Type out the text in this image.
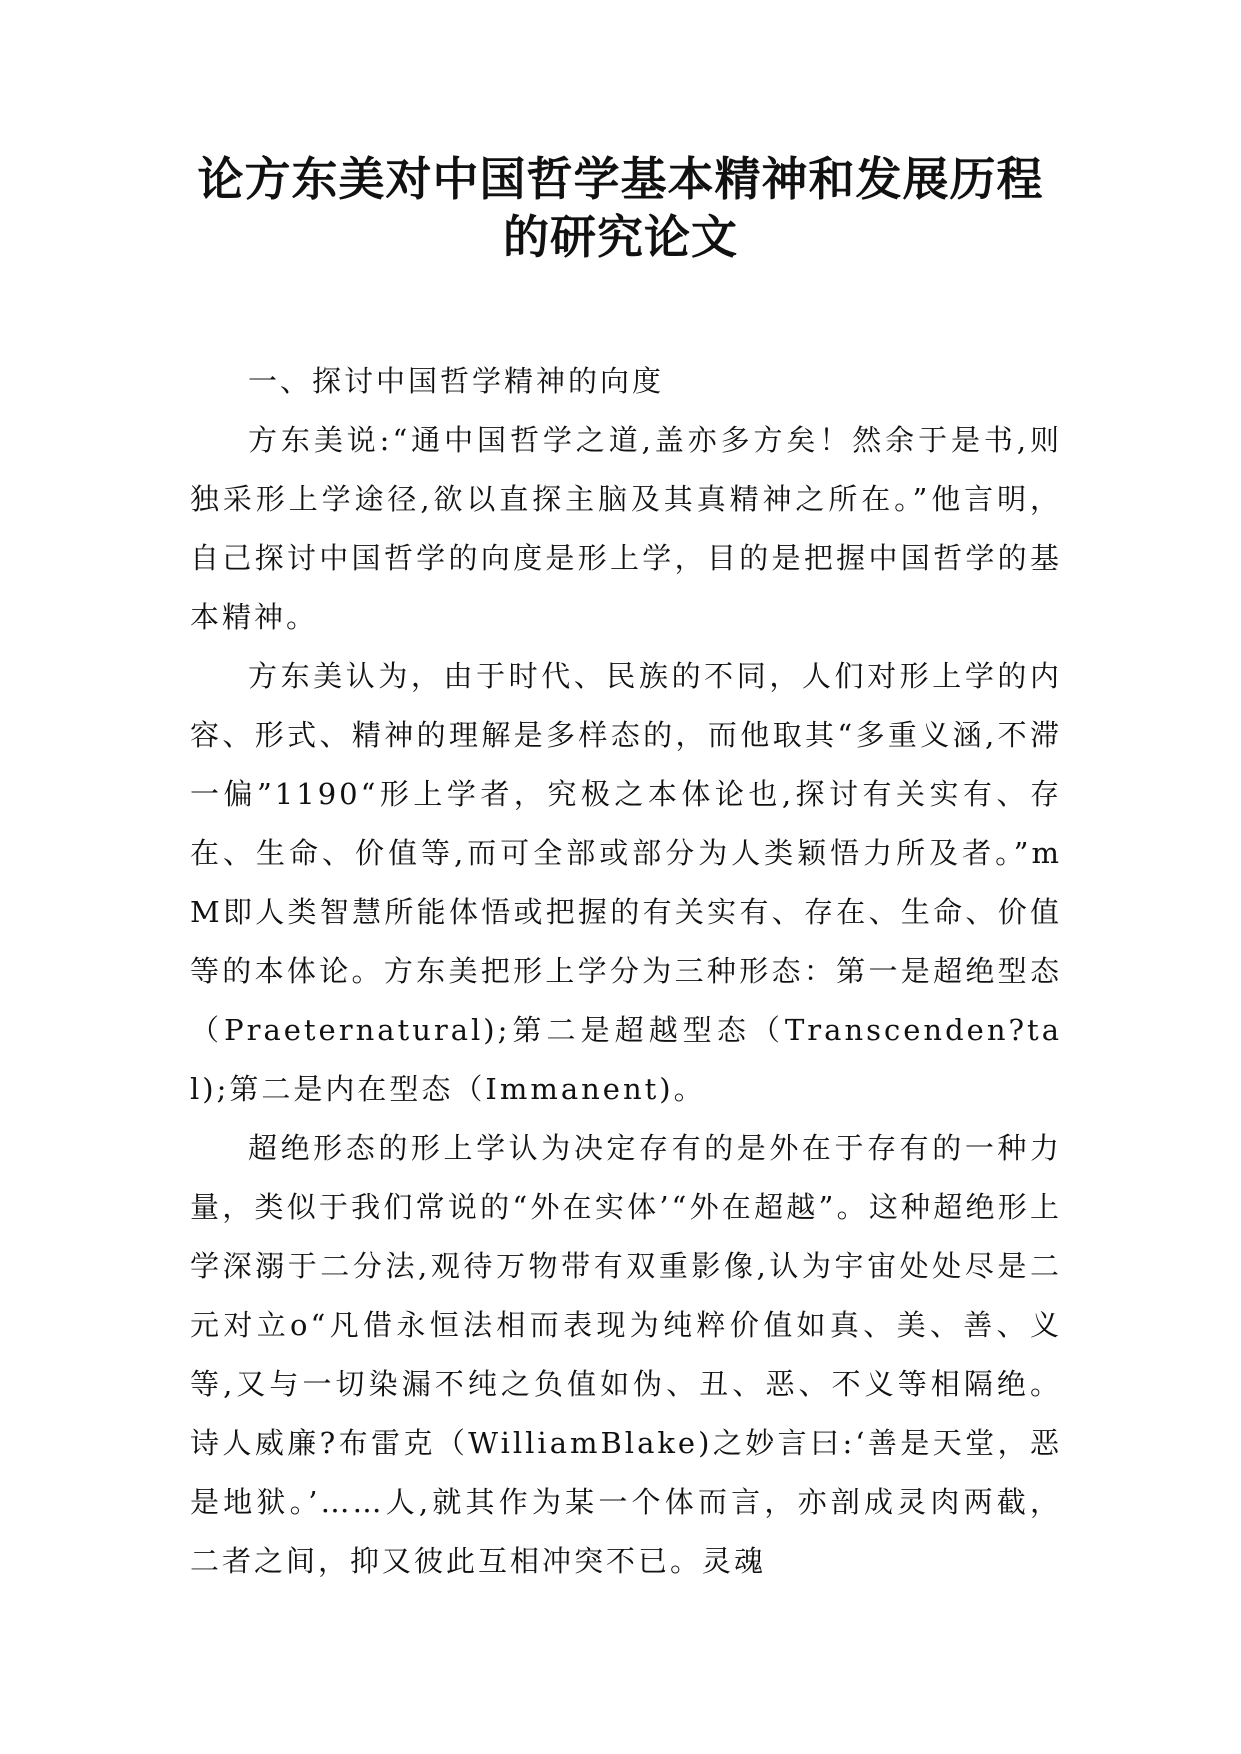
论方东美对中国哲学基本精神和发展历程
的研究论文

一、探讨中国哲学精神的向度

方东美说:“通中国哲学之道,盖亦多方矣！然余于是书,则独采形上学途径,欲以直探主脑及其真精神之所在。”他言明，自己探讨中国哲学的向度是形上学，目的是把握中国哲学的基本精神。

方东美认为，由于时代、民族的不同，人们对形上学的内容、形式、精神的理解是多样态的，而他取其“多重义涵,不滞一偏”1190“形上学者，究极之本体论也,探讨有关实有、存在、生命、价值等,而可全部或部分为人类颖悟力所及者。”mM即人类智慧所能体悟或把握的有关实有、存在、生命、价值等的本体论。方东美把形上学分为三种形态：第一是超绝型态（Praeternatural);第二是超越型态（Transcenden?tal);第二是内在型态（Immanent)。

超绝形态的形上学认为决定存有的是外在于存有的一种力量，类似于我们常说的“外在实体’“外在超越”。这种超绝形上学深溺于二分法,观待万物带有双重影像,认为宇宙处处尽是二元对立o“凡借永恒法相而表现为纯粹价值如真、美、善、义等,又与一切染漏不纯之负值如伪、丑、恶、不义等相隔绝。诗人威廉?布雷克（WilliamBlake)之妙言曰:‘善是天堂，恶是地狱。’……人,就其作为某一个体而言，亦剖成灵肉两截，二者之间，抑又彼此互相冲突不已。灵魂
